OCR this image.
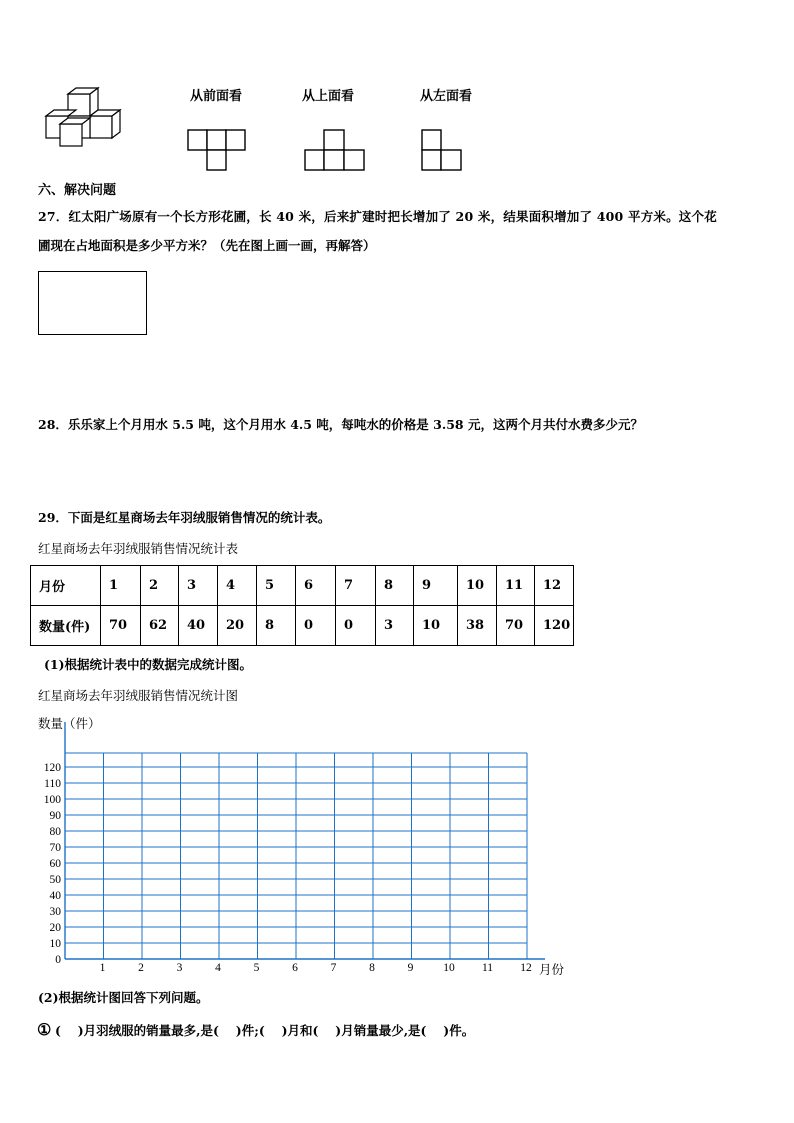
从前面看	从上面看	从左面看
六、解决问题
27．红太阳广场原有一个长方形花圃，长 40 米，后来扩建时把长增加了 20 米，结果面积增加了 400 平方米。这个花
圃现在占地面积是多少平方米？（先在图上画一画，再解答）
28．乐乐家上个月用水 5.5 吨，这个月用水 4.5 吨，每吨水的价格是 3.58 元，这两个月共付水费多少元？
29．下面是红星商场去年羽绒服销售情况的统计表。
红星商场去年羽绒服销售情况统计表
月份	1	2	3	4	5	6	7	8	9	10	11	12
数量(件)	70	62	40	20	8	0	0	3	10	38	70	120
(1)根据统计表中的数据完成统计图。
红星商场去年羽绒服销售情况统计图
0
10
20
30
40
50
60
70
80
90
100
110
120
1	2	3	4	5	6	7	8	9	10 11 12
数量（件）
月份
(2)根据统计图回答下列问题。
① (　 )月羽绒服的销量最多,是(　 )件;(　 )月和(　 )月销量最少,是(　 )件。
